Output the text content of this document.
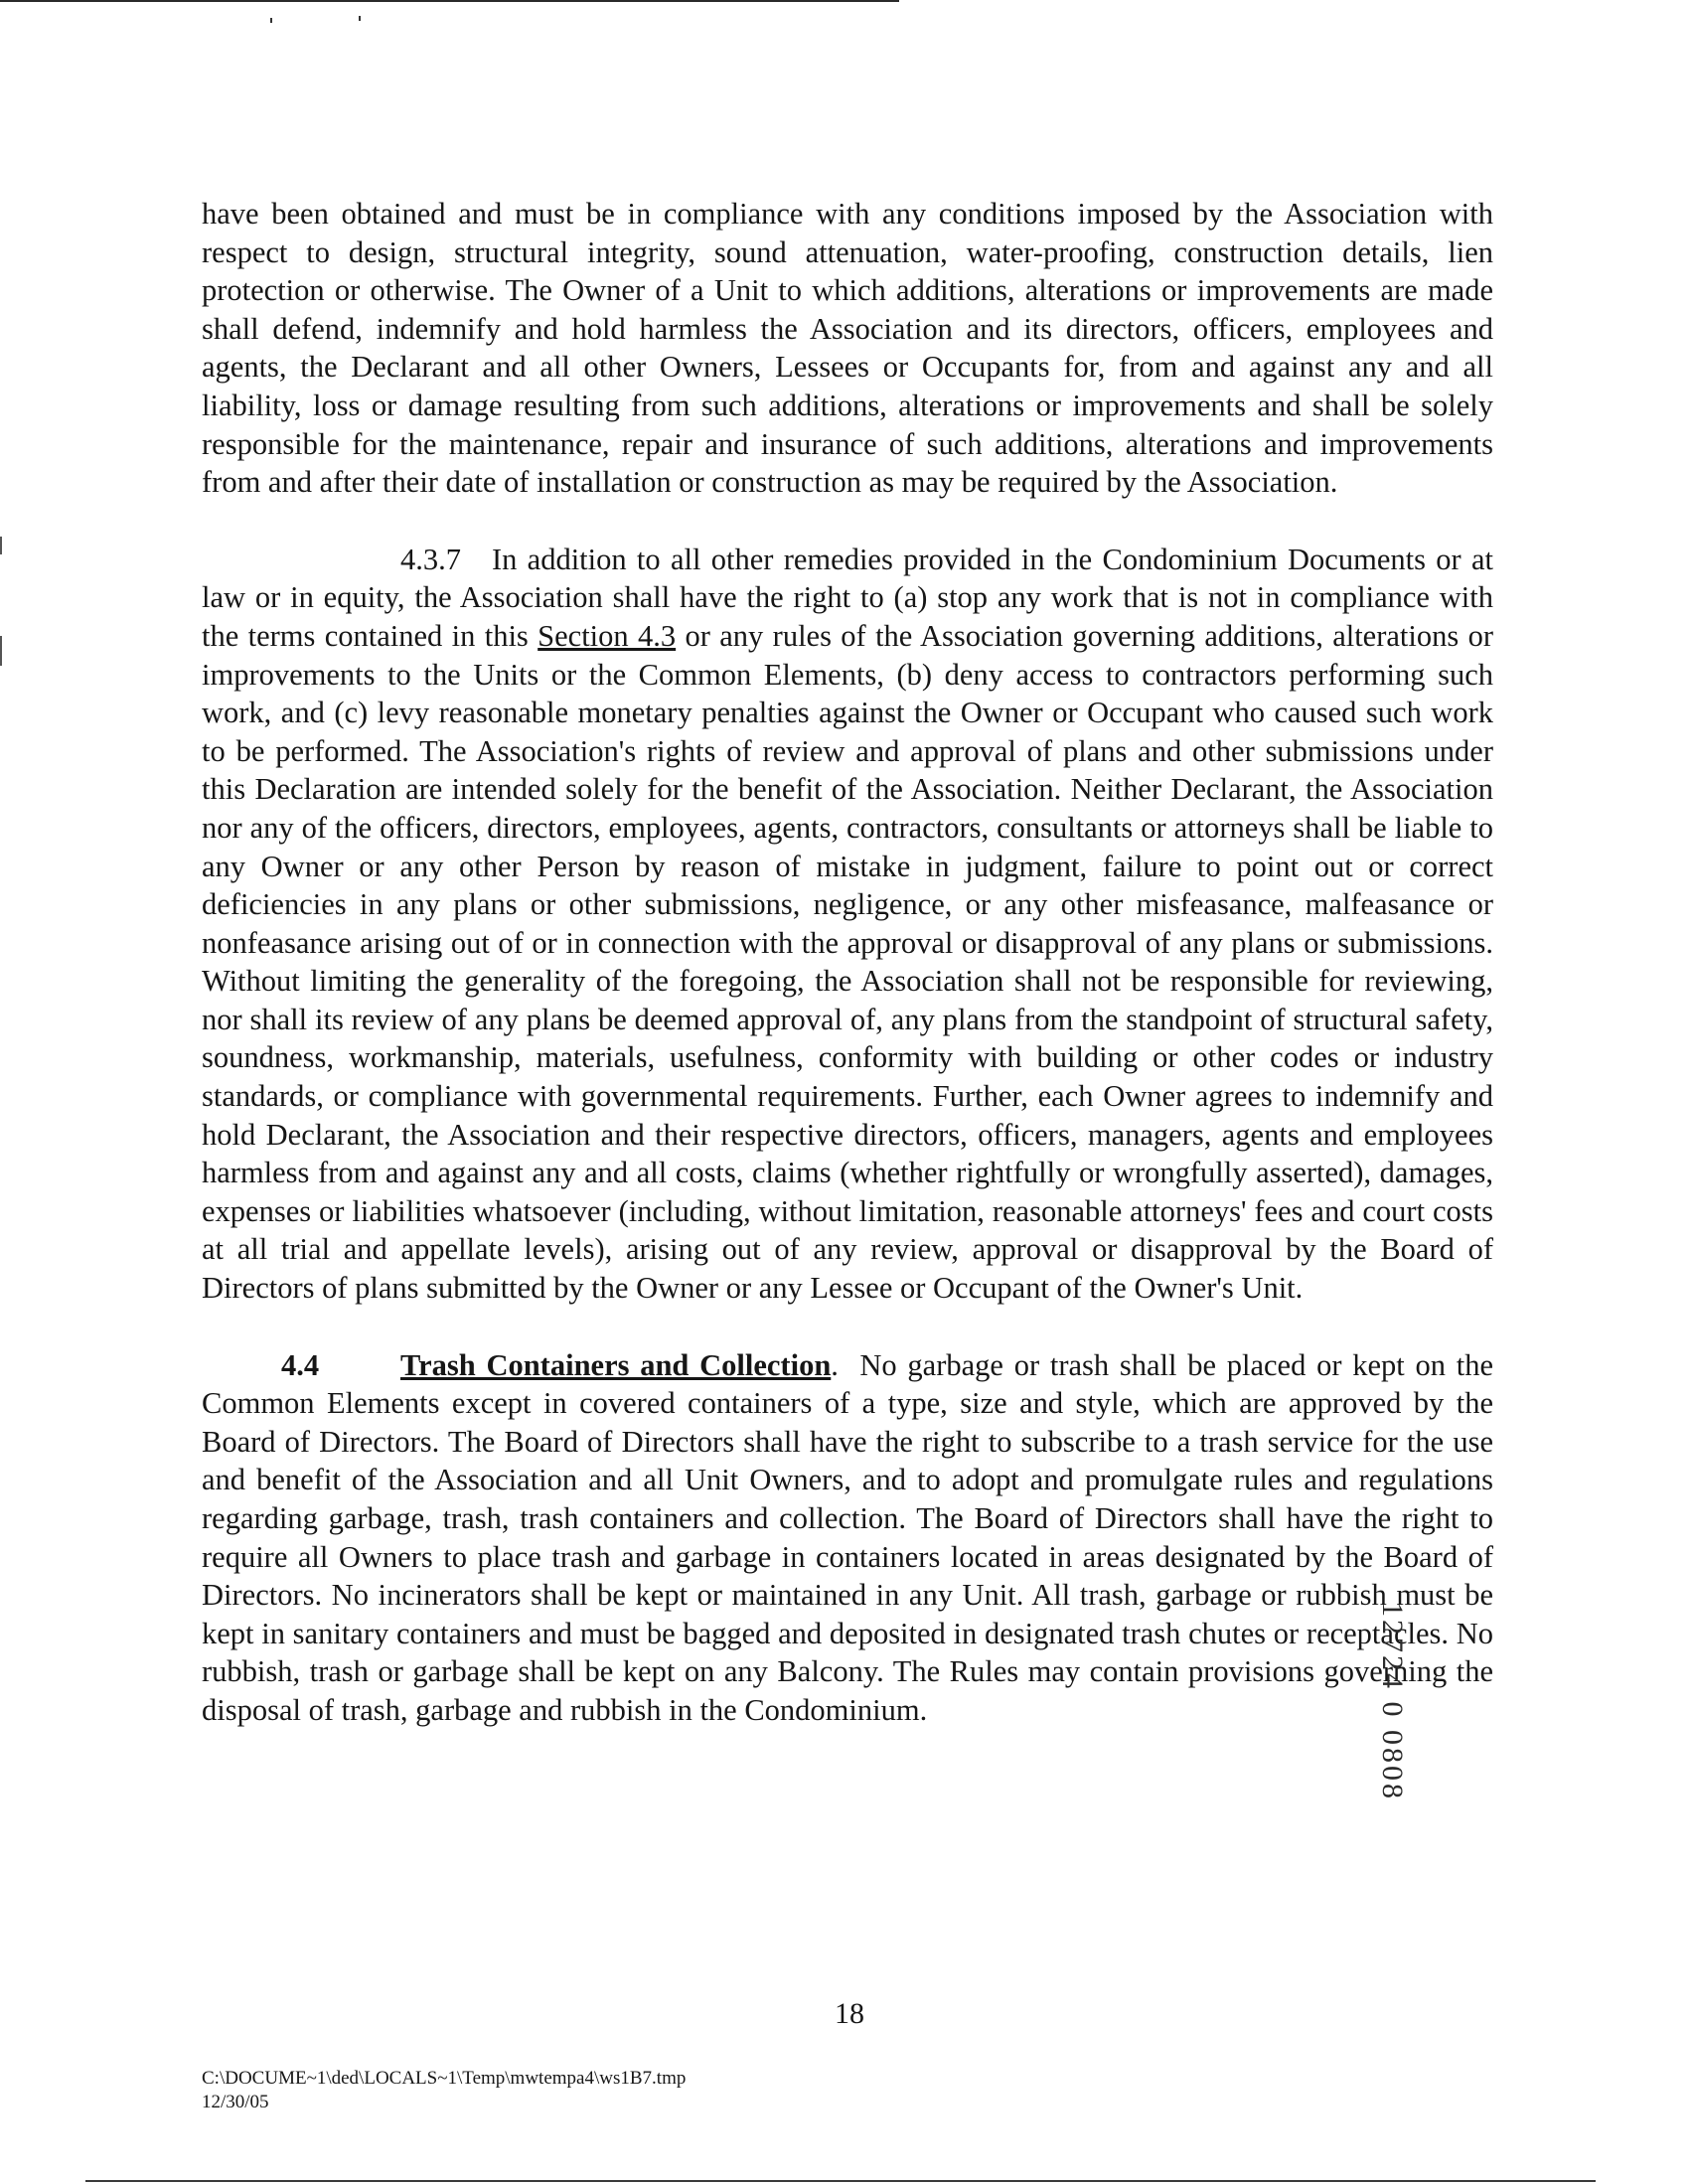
have been obtained and must be in compliance with any conditions imposed by the Association with respect to design, structural integrity, sound attenuation, water-proofing, construction details, lien protection or otherwise. The Owner of a Unit to which additions, alterations or improvements are made shall defend, indemnify and hold harmless the Association and its directors, officers, employees and agents, the Declarant and all other Owners, Lessees or Occupants for, from and against any and all liability, loss or damage resulting from such additions, alterations or improvements and shall be solely responsible for the maintenance, repair and insurance of such additions, alterations and improvements from and after their date of installation or construction as may be required by the Association.

4.3.7 In addition to all other remedies provided in the Condominium Documents or at law or in equity, the Association shall have the right to (a) stop any work that is not in compliance with the terms contained in this Section 4.3 or any rules of the Association governing additions, alterations or improvements to the Units or the Common Elements, (b) deny access to contractors performing such work, and (c) levy reasonable monetary penalties against the Owner or Occupant who caused such work to be performed. The Association's rights of review and approval of plans and other submissions under this Declaration are intended solely for the benefit of the Association. Neither Declarant, the Association nor any of the officers, directors, employees, agents, contractors, consultants or attorneys shall be liable to any Owner or any other Person by reason of mistake in judgment, failure to point out or correct deficiencies in any plans or other submissions, negligence, or any other misfeasance, malfeasance or nonfeasance arising out of or in connection with the approval or disapproval of any plans or submissions. Without limiting the generality of the foregoing, the Association shall not be responsible for reviewing, nor shall its review of any plans be deemed approval of, any plans from the standpoint of structural safety, soundness, workmanship, materials, usefulness, conformity with building or other codes or industry standards, or compliance with governmental requirements. Further, each Owner agrees to indemnify and hold Declarant, the Association and their respective directors, officers, managers, agents and employees harmless from and against any and all costs, claims (whether rightfully or wrongfully asserted), damages, expenses or liabilities whatsoever (including, without limitation, reasonable attorneys' fees and court costs at all trial and appellate levels), arising out of any review, approval or disapproval by the Board of Directors of plans submitted by the Owner or any Lessee or Occupant of the Owner's Unit.

4.4	Trash Containers and Collection. No garbage or trash shall be placed or kept on the Common Elements except in covered containers of a type, size and style, which are approved by the Board of Directors. The Board of Directors shall have the right to subscribe to a trash service for the use and benefit of the Association and all Unit Owners, and to adopt and promulgate rules and regulations regarding garbage, trash, trash containers and collection. The Board of Directors shall have the right to require all Owners to place trash and garbage in containers located in areas designated by the Board of Directors. No incinerators shall be kept or maintained in any Unit. All trash, garbage or rubbish must be kept in sanitary containers and must be bagged and deposited in designated trash chutes or receptacles. No rubbish, trash or garbage shall be kept on any Balcony. The Rules may contain provisions governing the disposal of trash, garbage and rubbish in the Condominium.	12724 0 0808
18
C:\DOCUME~1\ded\LOCALS~1\Temp\mwtempa4\ws1B7.tmp
12/30/05
